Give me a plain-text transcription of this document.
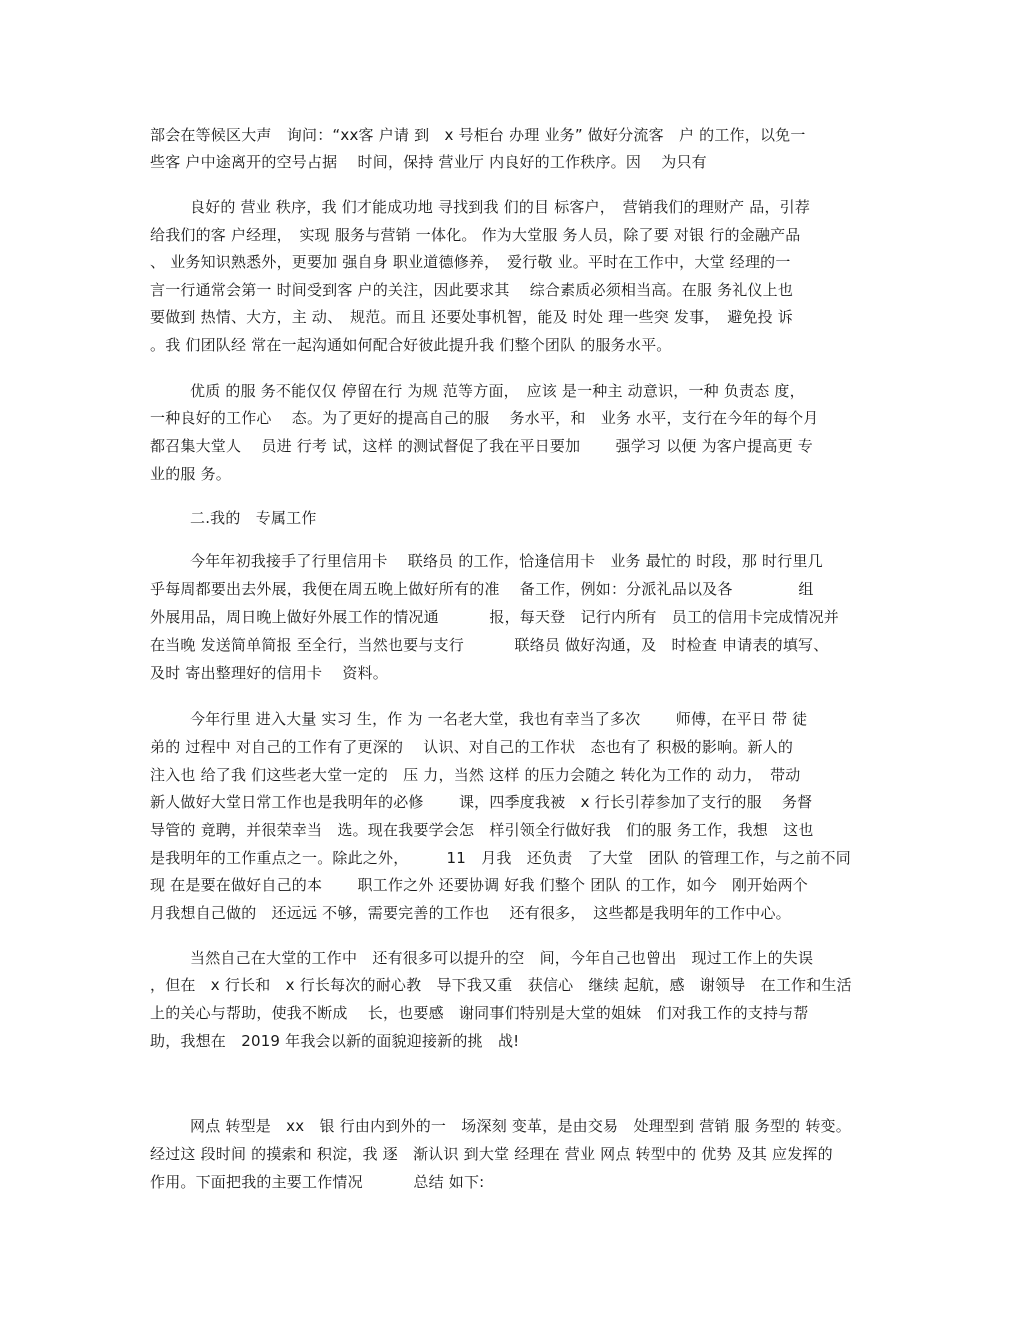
部会在等候区大声　询问：“xx客 户请 到　x 号柜台 办理 业务” 做好分流客　户 的工作，以免一
些客 户中途离开的空号占据　 时间，保持 营业厅 内良好的工作秩序。因　 为只有
良好的 营业 秩序，我 们才能成功地 寻找到我 们的目 标客户，　营销我们的理财产 品，引荐
给我们的客 户经理，　实现 服务与营销 一体化。 作为大堂服 务人员，除了要 对银 行的金融产品
、 业务知识熟悉外，更要加 强自身 职业道德修养，　爱行敬 业。平时在工作中，大堂 经理的一
言一行通常会第一 时间受到客 户的关注，因此要求其　 综合素质必须相当高。在服 务礼仪上也
要做到 热情、大方，主 动、　规范。而且 还要处事机智，能及 时处 理一些突 发事，　避免投 诉
。我 们团队经 常在一起沟通如何配合好彼此提升我 们整个团队 的服务水平。
优质 的服 务不能仅仅 停留在行 为规 范等方面，　应该 是一种主 动意识，一种 负责态 度，
一种良好的工作心　 态。为了更好的提高自己的服　 务水平，和　业务 水平，支行在今年的每个月
都召集大堂人　 员进 行考 试，这样 的测试督促了我在平日要加　　 强学习 以便 为客户提高更 专
业的服 务。
二.我的　专属工作
今年年初我接手了行里信用卡　 联络员 的工作，恰逢信用卡　业务 最忙的 时段，那 时行里几
乎每周都要出去外展，我便在周五晚上做好所有的准　 备工作，例如：分派礼品以及各　　　　 组
外展用品，周日晚上做好外展工作的情况通　　　 报，每天登　记行内所有　员工的信用卡完成情况并
在当晚 发送简单简报 至全行，当然也要与支行　　　 联络员 做好沟通，及　时检查 申请表的填写、
及时 寄出整理好的信用卡　 资料。
今年行里 进入大量 实习 生，作 为 一名老大堂，我也有幸当了多次　　 师傅，在平日 带 徒
弟的 过程中 对自己的工作有了更深的　 认识、对自己的工作状　态也有了 积极的影响。新人的
注入也 给了我 们这些老大堂一定的　压 力，当然 这样 的压力会随之 转化为工作的 动力，　带动
新人做好大堂日常工作也是我明年的必修　　 课，四季度我被　x 行长引荐参加了支行的服　 务督
导管的 竟聘，并很荣幸当　选。现在我要学会怎　样引领全行做好我　们的服 务工作，我想　这也
是我明年的工作重点之一。除此之外，　　　11　月我　还负责　了大堂　团队 的管理工作，与之前不同
现 在是要在做好自己的本　　 职工作之外 还要协调 好我 们整个 团队 的工作，如今　刚开始两个
月我想自己做的　还远远 不够，需要完善的工作也　 还有很多，　这些都是我明年的工作中心。
当然自己在大堂的工作中　还有很多可以提升的空　间，今年自己也曾出　现过工作上的失误
，但在　x 行长和　x 行长每次的耐心教　导下我又重　获信心　继续 起航，感　谢领导　在工作和生活
上的关心与帮助，使我不断成　 长，也要感　谢同事们特别是大堂的姐妹　们对我工作的支持与帮
助，我想在　2019 年我会以新的面貌迎接新的挑　战!
网点 转型是　xx　银 行由内到外的一　场深刻 变革，是由交易　处理型到 营销 服 务型的 转变。
经过这 段时间 的摸索和 积淀，我 逐　渐认识 到大堂 经理在 营业 网点 转型中的 优势 及其 应发挥的
作用。下面把我的主要工作情况　　　 总结 如下:
